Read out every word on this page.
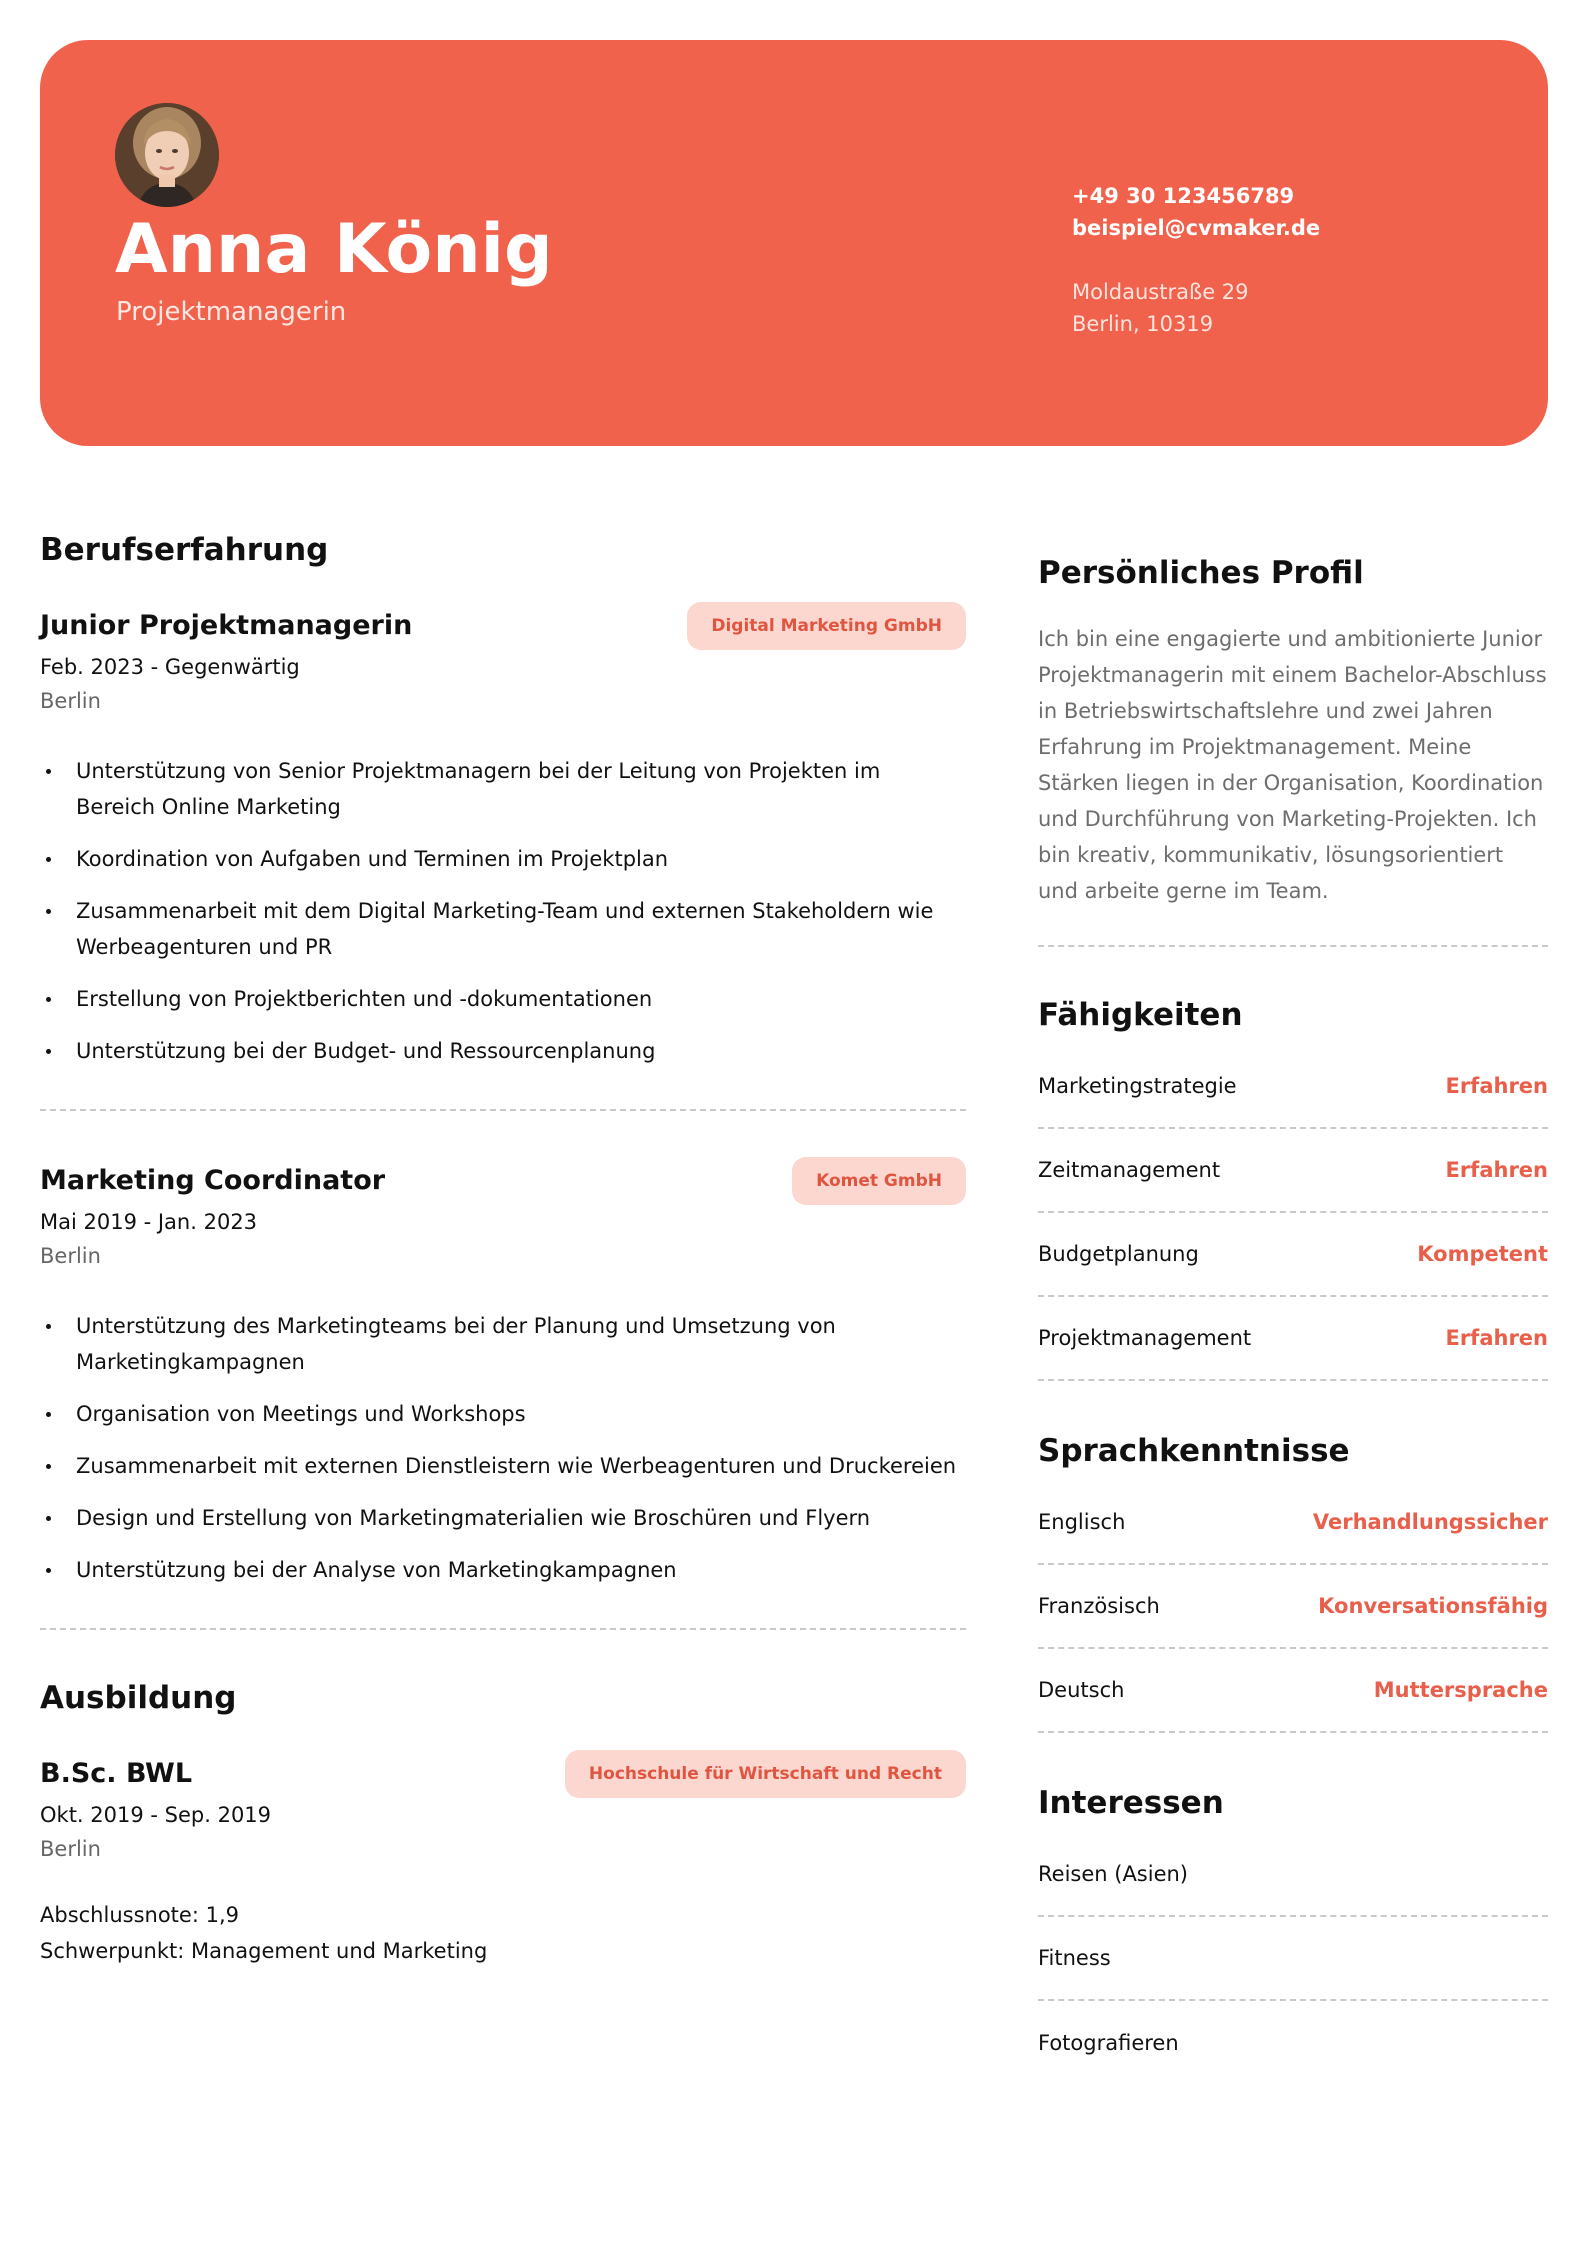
Anna König
Projektmanagerin
+49 30 123456789
beispiel@cvmaker.de
Moldaustraße 29
Berlin, 10319
Berufserfahrung
Junior Projektmanagerin	Digital Marketing GmbH
Feb. 2023 - Gegenwärtig
Berlin
Unterstützung von Senior Projektmanagern bei der Leitung von Projekten im Bereich Online Marketing
Koordination von Aufgaben und Terminen im Projektplan
Zusammenarbeit mit dem Digital Marketing-Team und externen Stakeholdern wie Werbeagenturen und PR
Erstellung von Projektberichten und -dokumentationen
Unterstützung bei der Budget- und Ressourcenplanung
Marketing Coordinator	Komet GmbH
Mai 2019 - Jan. 2023
Berlin
Unterstützung des Marketingteams bei der Planung und Umsetzung von Marketingkampagnen
Organisation von Meetings und Workshops
Zusammenarbeit mit externen Dienstleistern wie Werbeagenturen und Druckereien
Design und Erstellung von Marketingmaterialien wie Broschüren und Flyern
Unterstützung bei der Analyse von Marketingkampagnen
Ausbildung
B.Sc. BWL	Hochschule für Wirtschaft und Recht
Okt. 2019 - Sep. 2019
Berlin
Abschlussnote: 1,9
Schwerpunkt: Management und Marketing
Persönliches Profil
Ich bin eine engagierte und ambitionierte Junior Projektmanagerin mit einem Bachelor-Abschluss in Betriebswirtschaftslehre und zwei Jahren Erfahrung im Projektmanagement. Meine Stärken liegen in der Organisation, Koordination und Durchführung von Marketing-Projekten. Ich bin kreativ, kommunikativ, lösungsorientiert und arbeite gerne im Team.
Fähigkeiten
Marketingstrategie	Erfahren
Zeitmanagement	Erfahren
Budgetplanung	Kompetent
Projektmanagement	Erfahren
Sprachkenntnisse
Englisch	Verhandlungssicher
Französisch	Konversationsfähig
Deutsch	Muttersprache
Interessen
Reisen (Asien)
Fitness
Fotografieren
